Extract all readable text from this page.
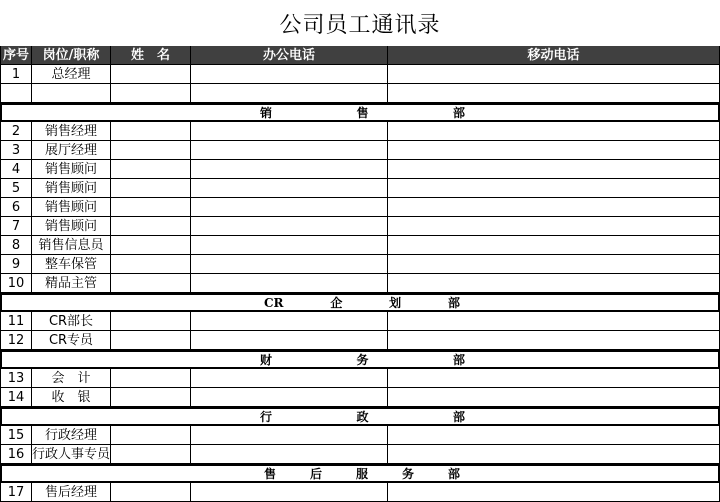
公司员工通讯录
序号	岗位/职称	姓　名	办公电话	移动电话
1	总经理
销	售	部
2	销售经理
3	展厅经理
4	销售顾问
5	销售顾问
6	销售顾问
7	销售顾问
8	销售信息员
9	整车保管
10	精品主管
CR	企	划	部
11	CR部长
12	CR专员
财	务	部
13	会　计
14	收　银
行	政	部
15	行政经理
16 行政人事专员
售	后	服	务	部
17	售后经理
